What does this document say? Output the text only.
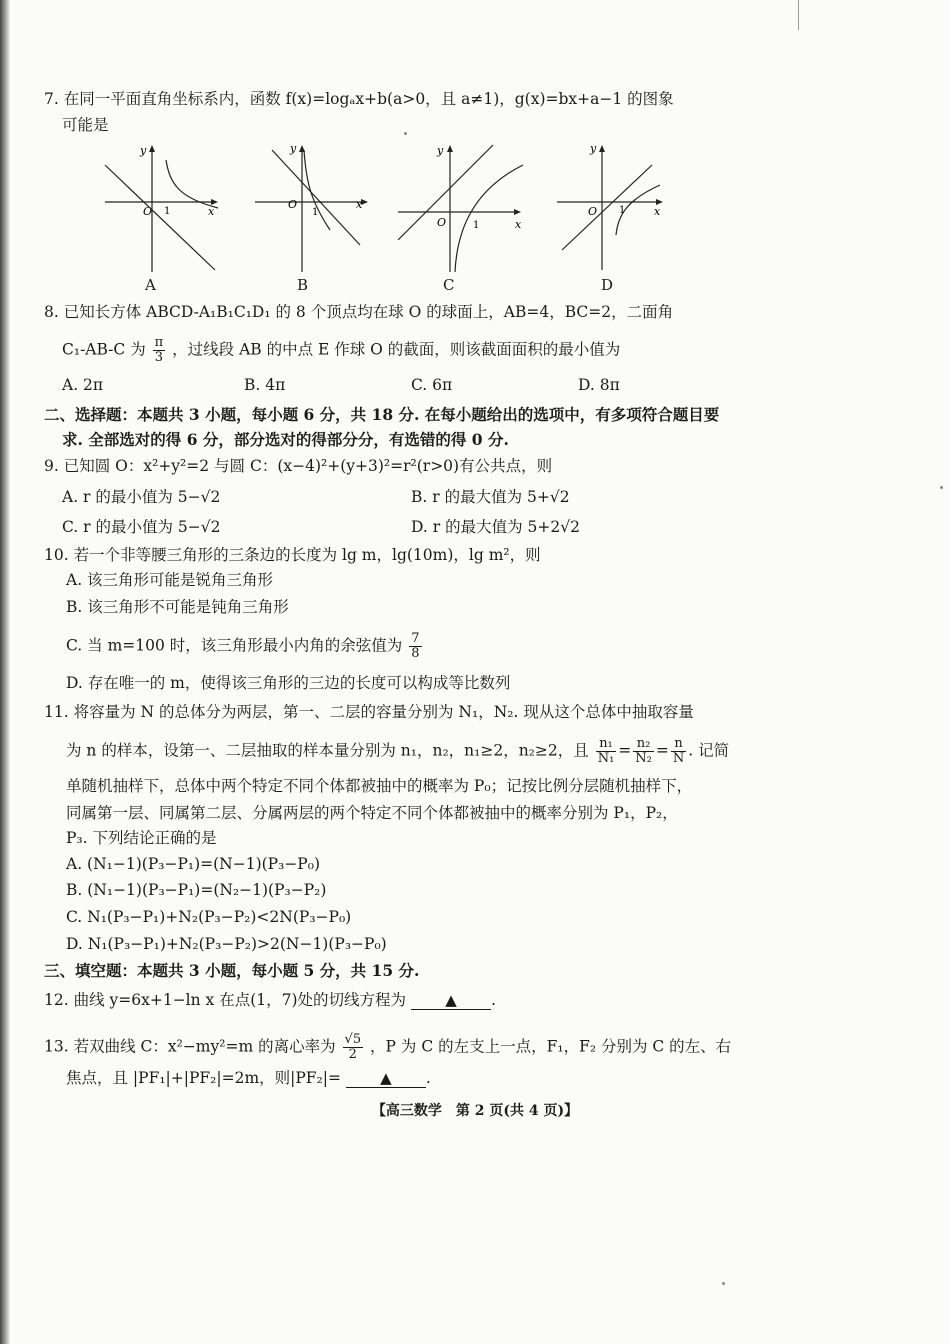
7. 在同一平面直角坐标系内，函数 f(x)=logₐx+b(a>0，且 a≠1)，g(x)=bx+a−1 的图象
可能是
y
x
O 1
A
y
x
O
1
B
y
x
O	1
C
y
x
O 1
D
8. 已知长方体 ABCD-A₁B₁C₁D₁ 的 8 个顶点均在球 O 的球面上，AB=4，BC=2，二面角
C₁-AB-C 为 $\frac{\pi}{3}$ ，过线段 AB 的中点 E 作球 O 的截面，则该截面面积的最小值为
A. 2π	B. 4π	C. 6π	D. 8π
二、选择题：本题共 3 小题，每小题 6 分，共 18 分. 在每小题给出的选项中，有多项符合题目要
求. 全部选对的得 6 分，部分选对的得部分分，有选错的得 0 分.
9. 已知圆 O：x²+y²=2 与圆 C：(x−4)²+(y+3)²=r²(r>0)有公共点，则
A. r 的最小值为 5−√2	B. r 的最大值为 5+√2
C. r 的最小值为 5−√2	D. r 的最大值为 5+2√2
10. 若一个非等腰三角形的三条边的长度为 lg m，lg(10m)，lg m²，则
A. 该三角形可能是锐角三角形
B. 该三角形不可能是钝角三角形
C. 当 m=100 时，该三角形最小内角的余弦值为 $\frac{7}{8}$
D. 存在唯一的 m，使得该三角形的三边的长度可以构成等比数列
11. 将容量为 N 的总体分为两层，第一、二层的容量分别为 N₁，N₂. 现从这个总体中抽取容量
为 n 的样本，设第一、二层抽取的样本量分别为 n₁，n₂，n₁≥2，n₂≥2，且 $\frac{\text{n₁}}{\text{N₁}} = \frac{\text{n₂}}{\text{N₂}} = \frac{n}{N}$ . 记简
单随机抽样下，总体中两个特定不同个体都被抽中的概率为 P₀；记按比例分层随机抽样下，
同属第一层、同属第二层、分属两层的两个特定不同个体都被抽中的概率分别为 P₁，P₂，
P₃. 下列结论正确的是
A. (N₁−1)(P₃−P₁)=(N−1)(P₃−P₀)
B. (N₁−1)(P₃−P₁)=(N₂−1)(P₃−P₂)
C. N₁(P₃−P₁)+N₂(P₃−P₂)<2N(P₃−P₀)
D. N₁(P₃−P₁)+N₂(P₃−P₂)>2(N−1)(P₃−P₀)
三、填空题：本题共 3 小题，每小题 5 分，共 15 分.
12. 曲线 y=6x+1−ln x 在点(1，7)处的切线方程为	▲ .
13. 若双曲线 C：x²−my²=m 的离心率为 $\frac{√5}{2}$ ，P 为 C 的左支上一点，F₁，F₂ 分别为 C 的左、右
焦点，且 |PF₁|+|PF₂|=2m，则|PF₂|=	▲ .
【高三数学　第 2 页(共 4 页)】
